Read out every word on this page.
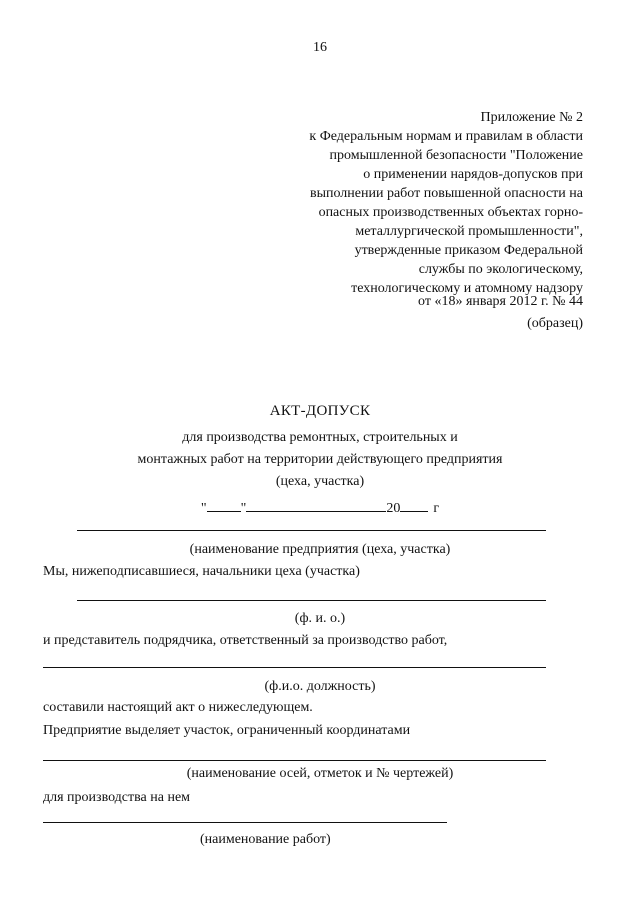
16
Приложение № 2
к Федеральным нормам и правилам в области
промышленной безопасности "Положение
о применении нарядов-допусков при
выполнении работ повышенной опасности на
опасных производственных объектах горно-
металлургической промышленности",
утвержденные приказом Федеральной
службы по экологическому,
технологическому и атомному надзору
от «18» января 2012 г. № 44
(образец)
АКТ-ДОПУСК
для производства ремонтных, строительных и
монтажных работ на территории действующего предприятия
(цеха, участка)
" "	20 г
(наименование предприятия (цеха, участка)
Мы, нижеподписавшиеся, начальники цеха (участка)
(ф. и. о.)
и представитель подрядчика, ответственный за производство работ,
(ф.и.о. должность)
составили настоящий акт о нижеследующем.
Предприятие выделяет участок, ограниченный координатами
(наименование осей, отметок и № чертежей)
для производства на нем
(наименование работ)
